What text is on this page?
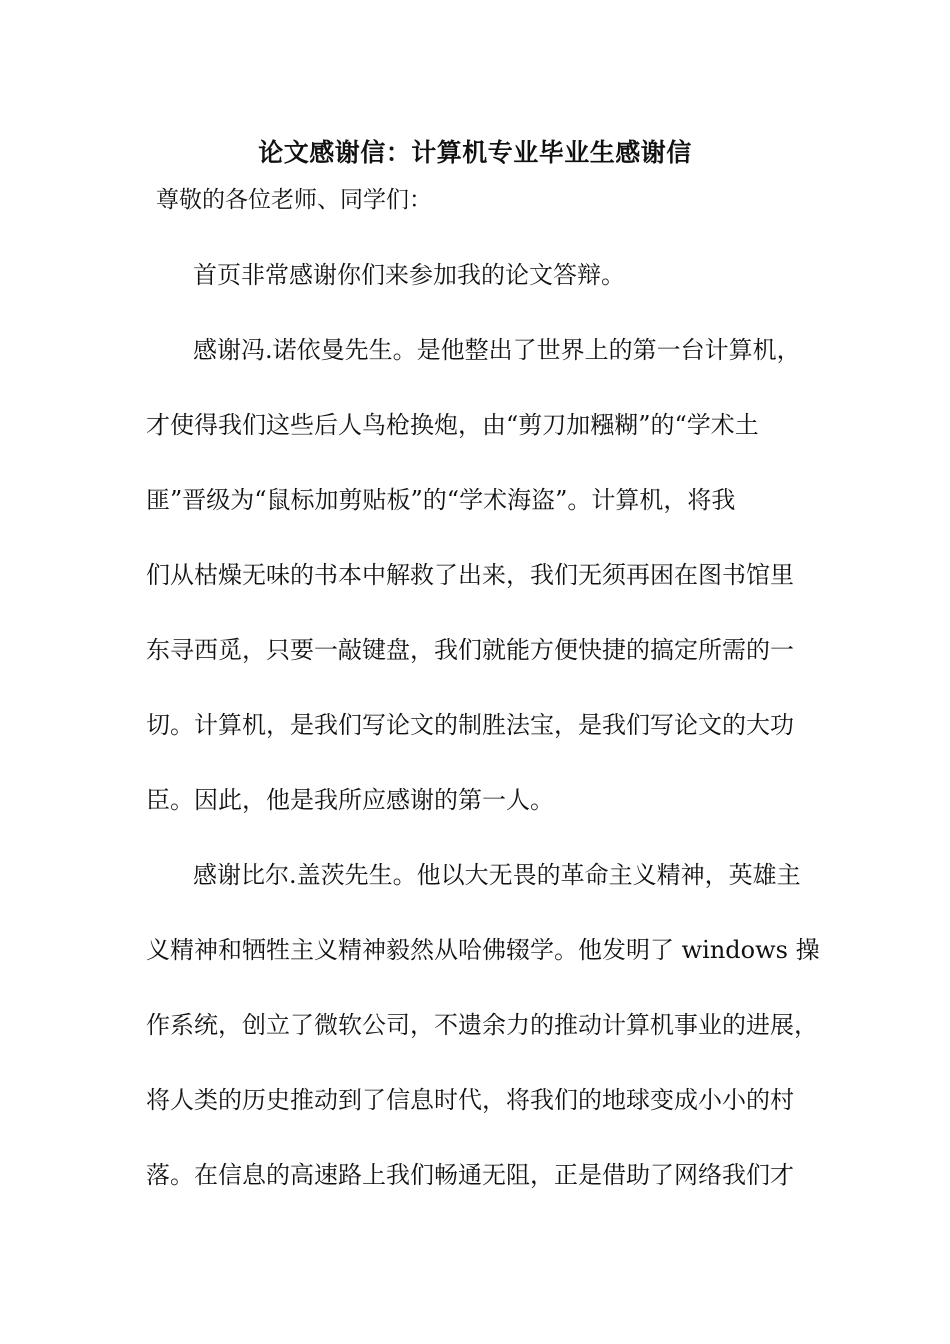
论文感谢信：计算机专业毕业生感谢信
尊敬的各位老师、同学们：
首页非常感谢你们来参加我的论文答辩。
感谢冯.诺依曼先生。是他整出了世界上的第一台计算机，
才使得我们这些后人鸟枪换炮，由“剪刀加糨糊”的“学术土
匪”晋级为“鼠标加剪贴板”的“学术海盗”。计算机，将我
们从枯燥无味的书本中解救了出来，我们无须再困在图书馆里
东寻西觅，只要一敲键盘，我们就能方便快捷的搞定所需的一
切。计算机，是我们写论文的制胜法宝，是我们写论文的大功
臣。因此，他是我所应感谢的第一人。
感谢比尔.盖茨先生。他以大无畏的革命主义精神，英雄主
义精神和牺牲主义精神毅然从哈佛辍学。他发明了 windows 操
作系统，创立了微软公司，不遗余力的推动计算机事业的进展，
将人类的历史推动到了信息时代，将我们的地球变成小小的村
落。在信息的高速路上我们畅通无阻，正是借助了网络我们才
